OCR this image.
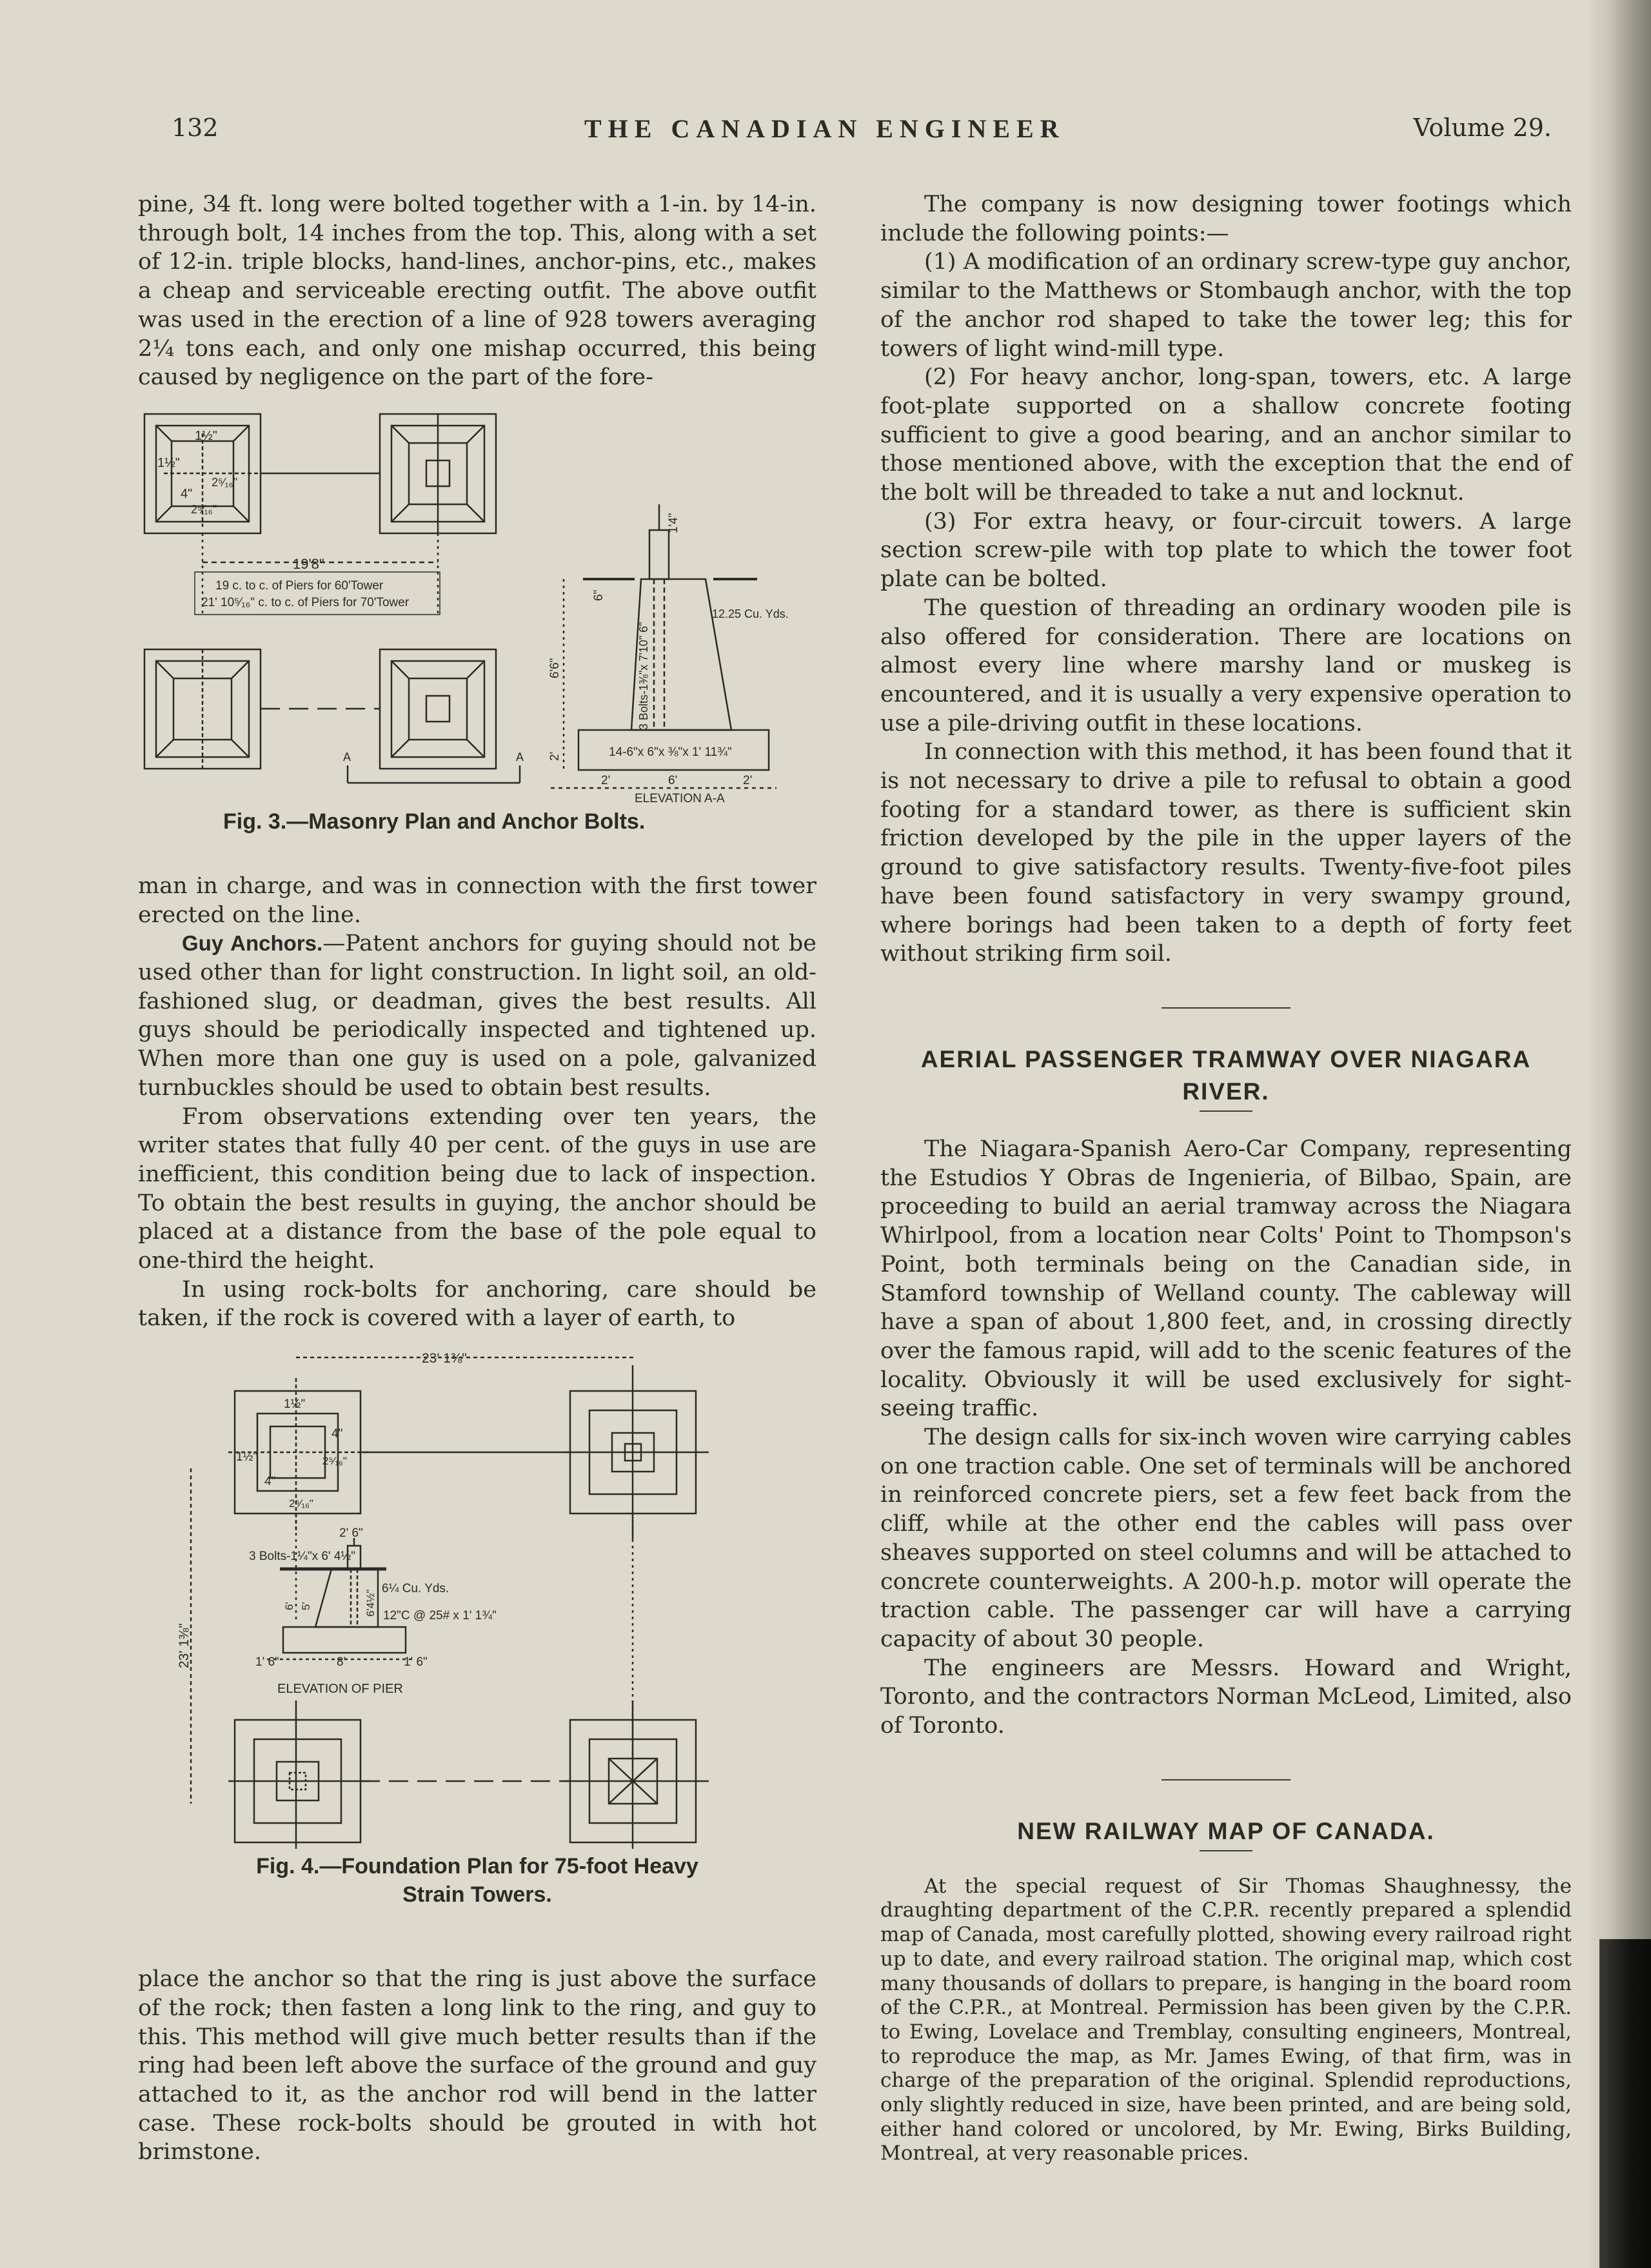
132	THE CANADIAN ENGINEER	Volume 29.

pine, 34 ft. long were bolted together with a 1-in. by 14-in. through bolt, 14 inches from the top. This, along with a set of 12-in. triple blocks, hand-lines, anchor-pins, etc., makes a cheap and serviceable erecting outfit. The above outfit was used in the erection of a line of 928 towers averaging 2¼ tons each, and only one mishap occurred, this being caused by negligence on the part of the fore-

1½"
1½"
4"
2⁵⁄₁₆"
2⁵⁄₁₆"
19'8"
19 c. to c. of Piers for 60'Tower
21' 10⁵⁄₁₆" c. to c. of Piers for 70'Tower
A	A
12.25 Cu. Yds.
3 Bolts-1⅜"x 7'10" 6"
14-6"x 6"x ⅜"x 1' 11¾"
6'6"
2'
1'4"
6"
2'	6'	2'
ELEVATION A-A
Fig. 3.—Masonry Plan and Anchor Bolts.

man in charge, and was in connection with the first tower erected on the line.

Guy Anchors.—Patent anchors for guying should not be used other than for light construction. In light soil, an old-fashioned slug, or deadman, gives the best results. All guys should be periodically inspected and tightened up. When more than one guy is used on a pole, galvanized turnbuckles should be used to obtain best results.

From observations extending over ten years, the writer states that fully 40 per cent. of the guys in use are inefficient, this condition being due to lack of inspection. To obtain the best results in guying, the anchor should be placed at a distance from the base of the pole equal to one-third the height.

In using rock-bolts for anchoring, care should be taken, if the rock is covered with a layer of earth, to

23' 1⅜"
23' 1⅜"
1½"
1½"
4"
4"
2⁵⁄₁₆"
2⁵⁄₁₆"
2' 6"
3 Bolts-1¼"x 6' 4½"
6¼ Cu. Yds.
12"C @ 25# x 1' 1¾"
6' 5'	6'4½"
1' 6"	8'	1' 6"
ELEVATION OF PIER
Fig. 4.—Foundation Plan for 75-foot Heavy
Strain Towers.

place the anchor so that the ring is just above the surface of the rock; then fasten a long link to the ring, and guy to this. This method will give much better results than if the ring had been left above the surface of the ground and guy attached to it, as the anchor rod will bend in the latter case. These rock-bolts should be grouted in with hot brimstone.

The company is now designing tower footings which include the following points:—

(1) A modification of an ordinary screw-type guy anchor, similar to the Matthews or Stombaugh anchor, with the top of the anchor rod shaped to take the tower leg; this for towers of light wind-mill type.

(2) For heavy anchor, long-span, towers, etc. A large foot-plate supported on a shallow concrete footing sufficient to give a good bearing, and an anchor similar to those mentioned above, with the exception that the end of the bolt will be threaded to take a nut and locknut.

(3) For extra heavy, or four-circuit towers. A large section screw-pile with top plate to which the tower foot plate can be bolted.

The question of threading an ordinary wooden pile is also offered for consideration. There are locations on almost every line where marshy land or muskeg is encountered, and it is usually a very expensive operation to use a pile-driving outfit in these locations.

In connection with this method, it has been found that it is not necessary to drive a pile to refusal to obtain a good footing for a standard tower, as there is sufficient skin friction developed by the pile in the upper layers of the ground to give satisfactory results. Twenty-five-foot piles have been found satisfactory in very swampy ground, where borings had been taken to a depth of forty feet without striking firm soil.

AERIAL PASSENGER TRAMWAY OVER NIAGARA RIVER.

The Niagara-Spanish Aero-Car Company, representing the Estudios Y Obras de Ingenieria, of Bilbao, Spain, are proceeding to build an aerial tramway across the Niagara Whirlpool, from a location near Colts' Point to Thompson's Point, both terminals being on the Canadian side, in Stamford township of Welland county. The cableway will have a span of about 1,800 feet, and, in crossing directly over the famous rapid, will add to the scenic features of the locality. Obviously it will be used exclusively for sight-seeing traffic.

The design calls for six-inch woven wire carrying cables on one traction cable. One set of terminals will be anchored in reinforced concrete piers, set a few feet back from the cliff, while at the other end the cables will pass over sheaves supported on steel columns and will be attached to concrete counterweights. A 200-h.p. motor will operate the traction cable. The passenger car will have a carrying capacity of about 30 people.

The engineers are Messrs. Howard and Wright, Toronto, and the contractors Norman McLeod, Limited, also of Toronto.

NEW RAILWAY MAP OF CANADA.

At the special request of Sir Thomas Shaughnessy, the draughting department of the C.P.R. recently prepared a splendid map of Canada, most carefully plotted, showing every railroad right up to date, and every railroad station. The original map, which cost many thousands of dollars to prepare, is hanging in the board room of the C.P.R., at Montreal. Permission has been given by the C.P.R. to Ewing, Lovelace and Tremblay, consulting engineers, Montreal, to reproduce the map, as Mr. James Ewing, of that firm, was in charge of the preparation of the original. Splendid reproductions, only slightly reduced in size, have been printed, and are being sold, either hand colored or uncolored, by Mr. Ewing, Birks Building, Montreal, at very reasonable prices.
